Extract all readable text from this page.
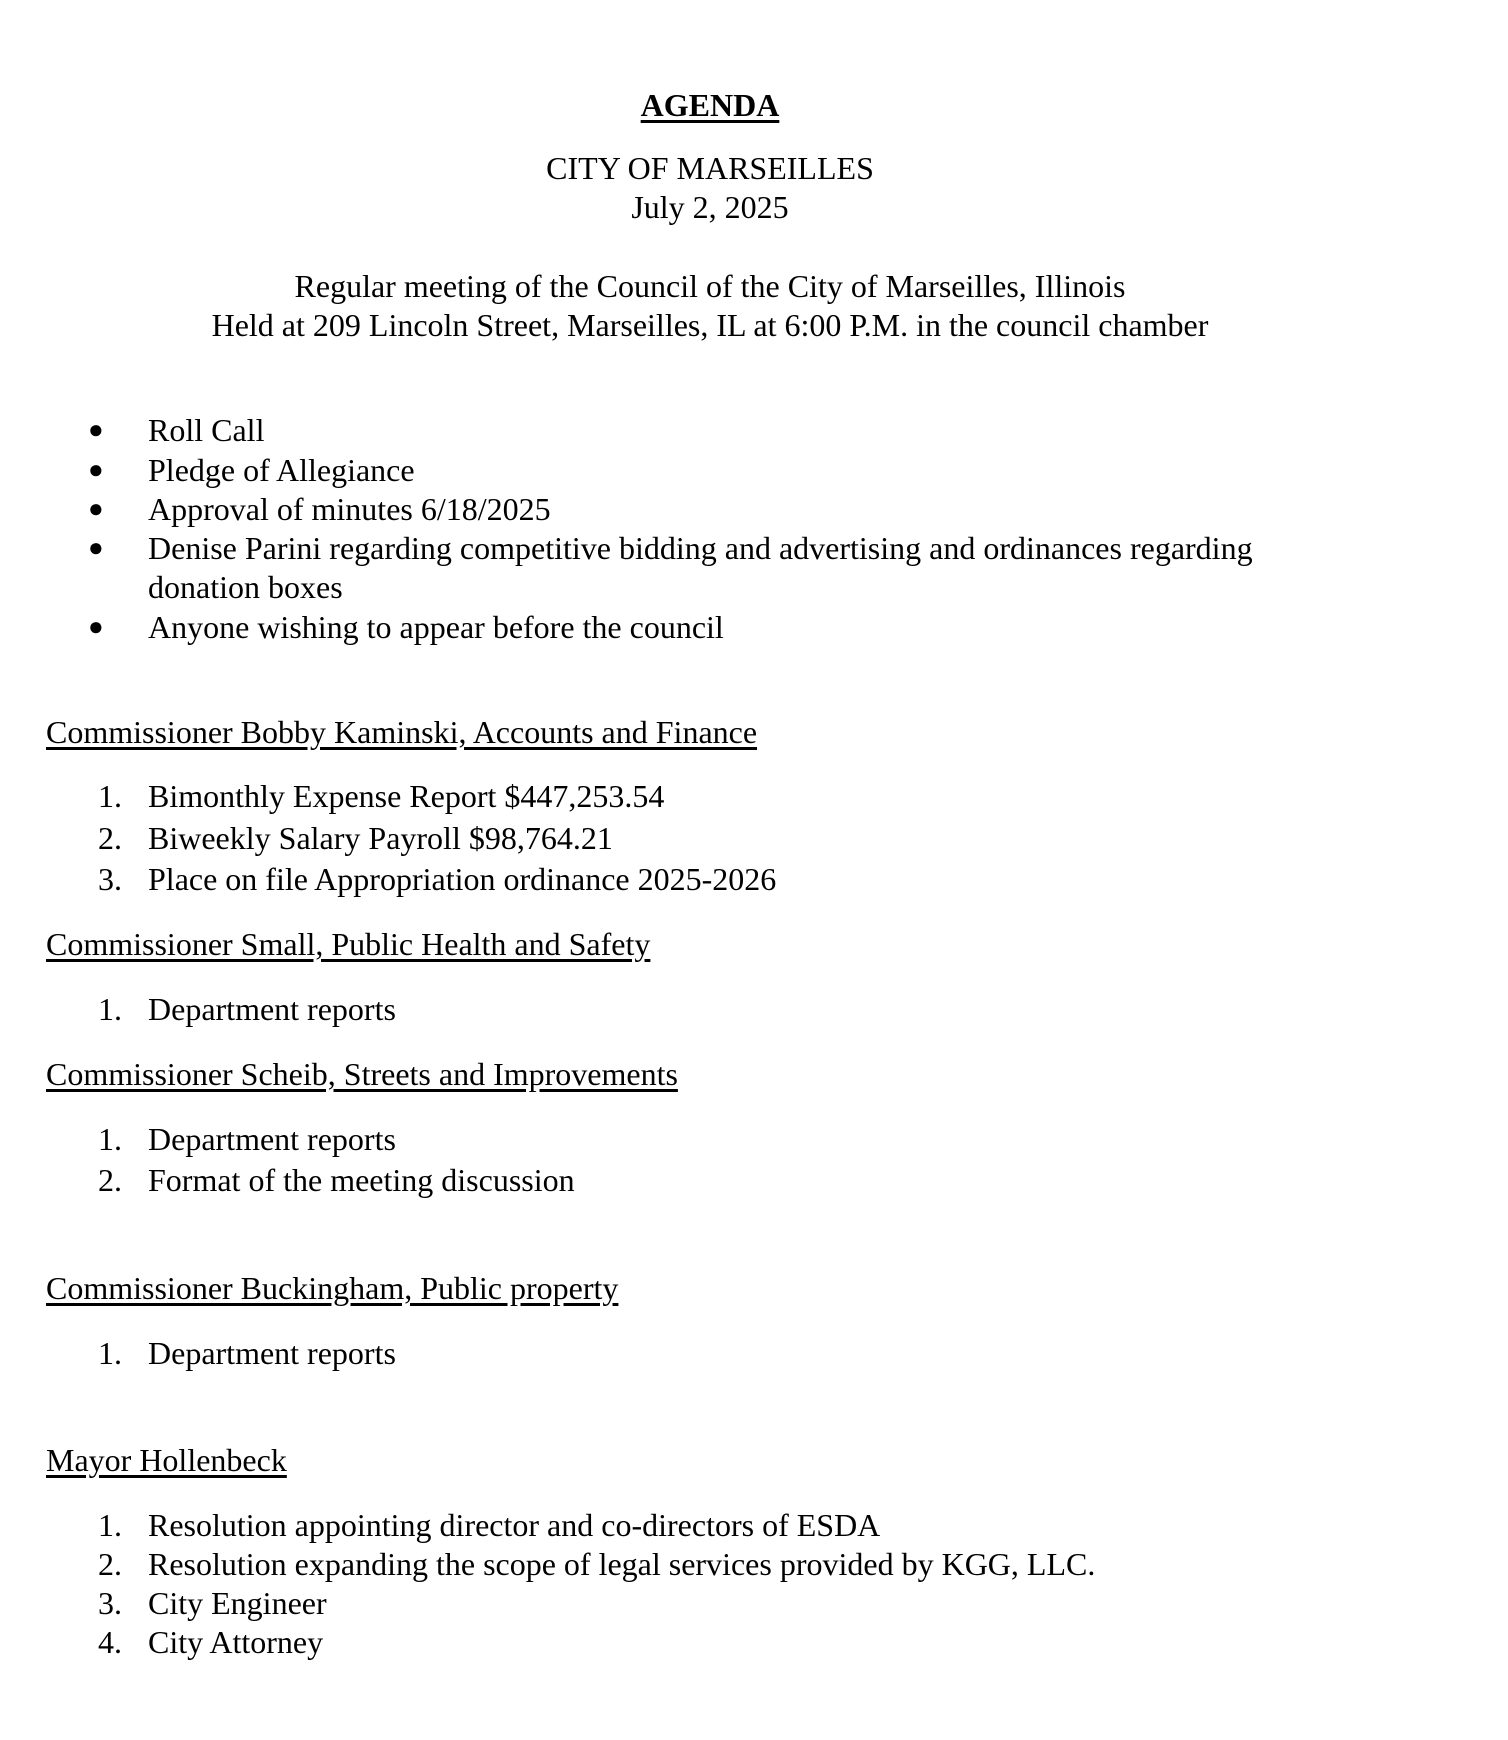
AGENDA
CITY OF MARSEILLES
July 2, 2025
Regular meeting of the Council of the City of Marseilles, Illinois
Held at 209 Lincoln Street, Marseilles, IL at 6:00 P.M. in the council chamber
●	Roll Call
●	Pledge of Allegiance
●	Approval of minutes 6/18/2025
●	Denise Parini regarding competitive bidding and advertising and ordinances regarding
donation boxes
●	Anyone wishing to appear before the council
Commissioner Bobby Kaminski, Accounts and Finance
1. Bimonthly Expense Report $447,253.54
2. Biweekly Salary Payroll $98,764.21
3. Place on file Appropriation ordinance 2025-2026
Commissioner Small, Public Health and Safety
1. Department reports
Commissioner Scheib, Streets and Improvements
1. Department reports
2. Format of the meeting discussion
Commissioner Buckingham, Public property
1. Department reports
Mayor Hollenbeck
1. Resolution appointing director and co-directors of ESDA
2. Resolution expanding the scope of legal services provided by KGG, LLC.
3. City Engineer
4. City Attorney
